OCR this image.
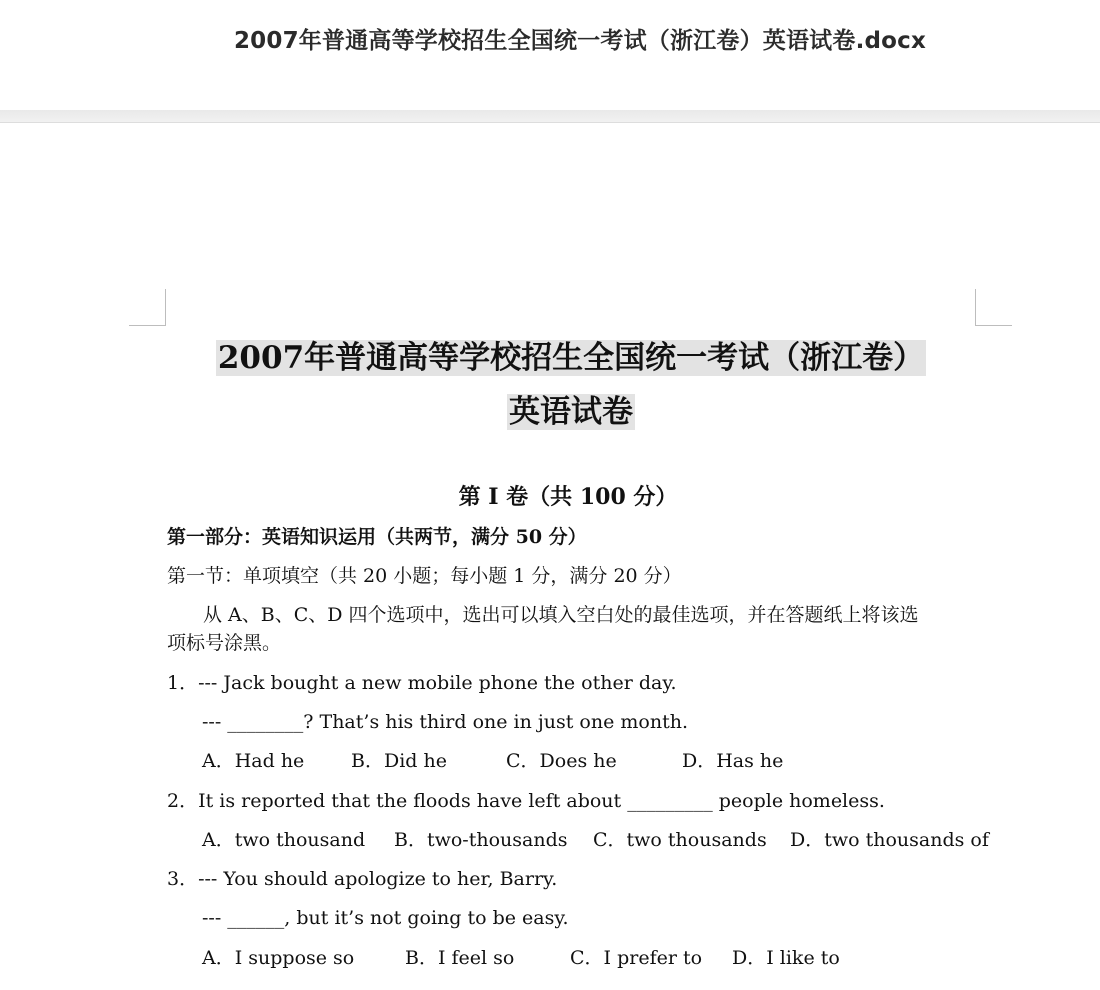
2007年普通高等学校招生全国统一考试（浙江卷）英语试卷.docx
2007年普通高等学校招生全国统一考试（浙江卷）
英语试卷
第 I 卷（共 100 分）
第一部分：英语知识运用（共两节，满分 50 分）
第一节：单项填空（共 20 小题；每小题 1 分，满分 20 分）
从 A、B、C、D 四个选项中，选出可以填入空白处的最佳选项，并在答题纸上将该选
项标号涂黑。
1．--- Jack bought a new mobile phone the other day.
--- ________? That’s his third one in just one month.
A．Had he B．Did he	C．Does he	D．Has he
2．It is reported that the floods have left about _________ people homeless.
A．two thousand B．two-thousands C．two thousands D．two thousands of
3．--- You should apologize to her, Barry.
--- ______, but it’s not going to be easy.
A．I suppose so	B．I feel so	C．I prefer to D．I like to
